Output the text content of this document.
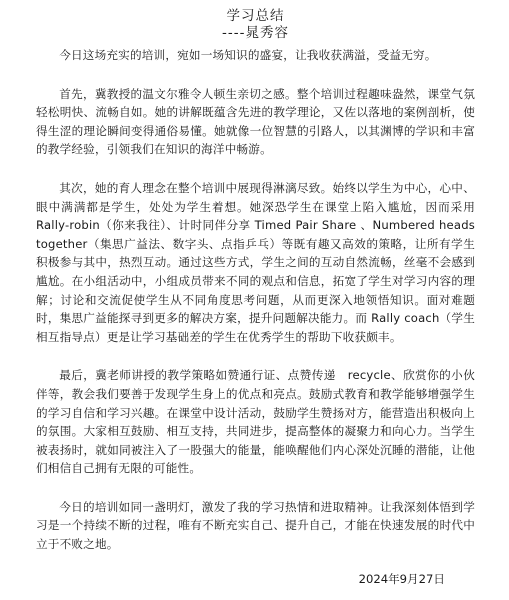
学习总结

----晁秀容

今日这场充实的培训，宛如一场知识的盛宴，让我收获满溢，受益无穷。

首先，冀教授的温文尔雅令人顿生亲切之感。整个培训过程趣味盎然，课堂气氛轻松明快、流畅自如。她的讲解既蕴含先进的教学理论，又佐以落地的案例剖析，使得生涩的理论瞬间变得通俗易懂。她就像一位智慧的引路人，以其渊博的学识和丰富的教学经验，引领我们在知识的海洋中畅游。

其次，她的育人理念在整个培训中展现得淋漓尽致。始终以学生为中心，心中、眼中满满都是学生，处处为学生着想。她深恐学生在课堂上陷入尴尬，因而采用 Rally-robin（你来我往）、计时同伴分享 Timed Pair Share 、Numbered heads together（集思广益法、数字头、点指乒乓）等既有趣又高效的策略，让所有学生积极参与其中，热烈互动。通过这些方式，学生之间的互动自然流畅，丝毫不会感到尴尬。在小组活动中，小组成员带来不同的观点和信息，拓宽了学生对学习内容的理解；讨论和交流促使学生从不同角度思考问题，从而更深入地领悟知识。面对难题时，集思广益能探寻到更多的解决方案，提升问题解决能力。而 Rally coach（学生相互指导点）更是让学习基础差的学生在优秀学生的帮助下收获颇丰。

最后，冀老师讲授的教学策略如赞通行证、点赞传递　recycle、欣赏你的小伙伴等，教会我们要善于发现学生身上的优点和亮点。鼓励式教育和教学能够增强学生的学习自信和学习兴趣。在课堂中设计活动，鼓励学生赞扬对方，能营造出积极向上的氛围。大家相互鼓励、相互支持，共同进步，提高整体的凝聚力和向心力。当学生被表扬时，就如同被注入了一股强大的能量，能唤醒他们内心深处沉睡的潜能，让他们相信自己拥有无限的可能性。

今日的培训如同一盏明灯，激发了我的学习热情和进取精神。让我深刻体悟到学习是一个持续不断的过程，唯有不断充实自己、提升自己，才能在快速发展的时代中立于不败之地。

2024年9月27日
